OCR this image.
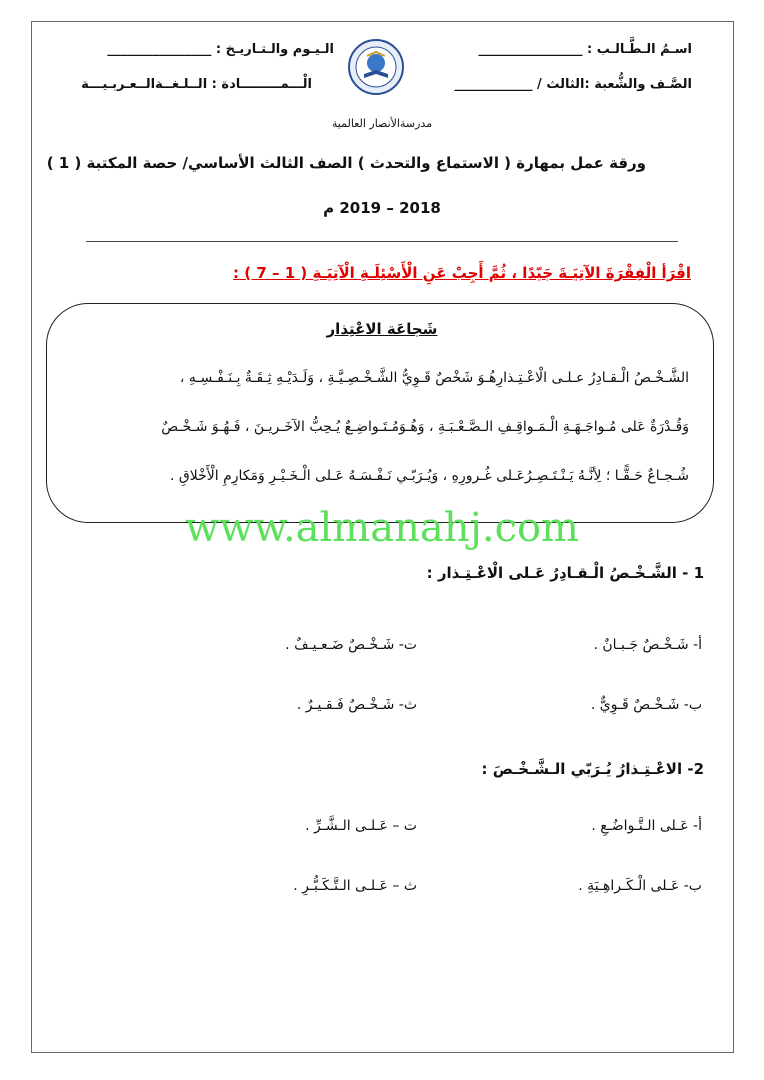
اسـمُ الـطَّـالـب : ________________
الـيـوم والـتـاريـخ : ________________
الصَّـف والشُّعبة :الثالث / ____________
الْـــمـــــــــادة : الــلـغــةالــعـربـيـــة
مدرسةالأنصار العالمية
ورقة عمل بمهارة ( الاستماع والتحدث ) الصف الثالث الأساسي/ حصة المكتبة ( 1 )
2018 – 2019 م
اقْرَأ الْفِقْرَةَ الآتِيَـةَ جَيّدًا ، ثُمَّ أَجِبْ عَنِ الْأَسْئِلَـةِ الْآتِيَـةِ ( 1 – 7 ) :
شَجاعَة الاعْتِذار
الشَّـخْـصُ الْـقـادِرُ عـلـى الْاعْـتِـذارِهُـوَ شَخْصٌ قَـوِيُّ الشَّـخْـصِـيَّـةِ ، وَلَـدَيْـهِ ثِـقَـةٌ بِـنَـفْـسِـهِ ،
وَقُـدْرَةٌ عَلى مُـواجَـهَـةِ الْـمَـواقِـفِ الـصَّـعْـبَـةِ ، وَهُـوَمُـتَـواضِـعٌ يُـحِبُّ الآخَـريـنَ ، فَـهُـوَ شَـخْـصٌ
شُـجـاعٌ حَـقًّـا ؛ لِأنَّـهُ يَـنْـتَـصِـرُعَـلى غُـرورِهِ ، وَيُـرَبّـي نَـفْـسَـهُ عَـلى الْـخَـيْـرِ وَمَكارِمِ الْأَخْلاقِ .
www.almanahj.com
1 - الشَّـخْـصُ الْـقـادِرُ عَـلى الْاعْـتِـذار :
أ- شَـخْـصٌ جَـبـانٌ .
ت- شَـخْـصٌ ضَـعـيـفٌ .
ب- شَـخْـصٌ قَـوِيٌّ .
ث- شَـخْـصٌ فَـقـيـرٌ .
2- الاعْـتِـذارُ يُـرَبّي الـشَّـخْـصَ :
أ- عَـلى الـتَّـواضُـعِ .
ت – عَـلـى الـشَّـرِّ .
ب- عَـلى الْـكَـراهِـيَةِ .
ث – عَـلـى الـتَّـكَـبُّـرِ .
